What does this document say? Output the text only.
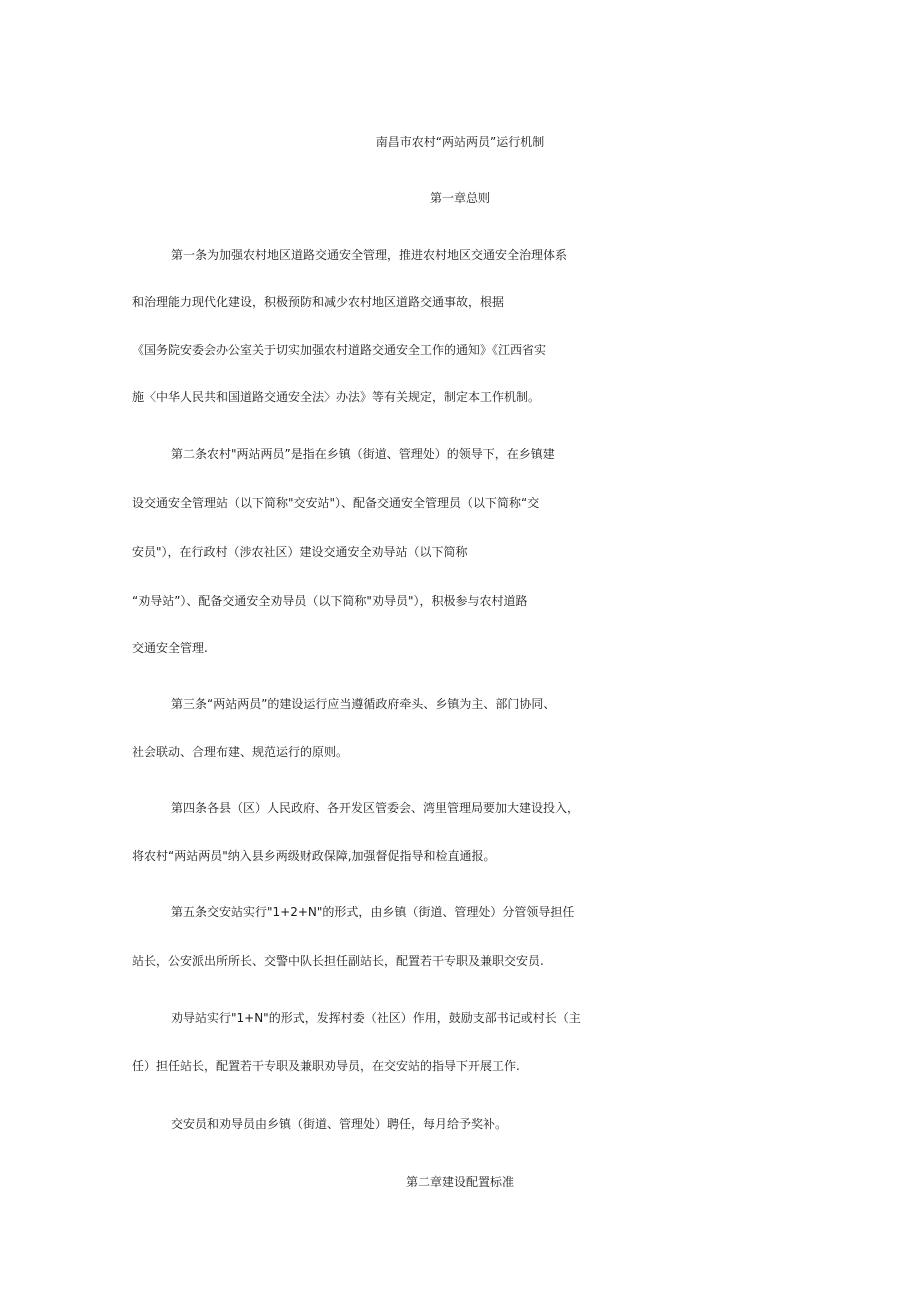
南昌市农村“两站两员”运行机制
第一章总则
第一条为加强农村地区道路交通安全管理，推进农村地区交通安全治理体系
和治理能力现代化建设，积极预防和减少农村地区道路交通事故，根据
《国务院安委会办公室关于切实加强农村道路交通安全工作的通知》《江西省实
施〈中华人民共和国道路交通安全法〉办法》等有关规定，制定本工作机制。
第二条农村"两站两员”是指在乡镇（街道、管理处）的领导下，在乡镇建
设交通安全管理站（以下简称"交安站"）、配备交通安全管理员（以下简称“交
安员"），在行政村（涉农社区）建设交通安全劝导站（以下简称
“劝导站”）、配备交通安全劝导员（以下简称"劝导员"），积极参与农村道路
交通安全管理.
第三条“两站两员”的建设运行应当遵循政府牵头、乡镇为主、部门协同、
社会联动、合理布建、规范运行的原则。
第四条各县（区）人民政府、各开发区管委会、湾里管理局要加大建设投入，
将农村“两站两员"纳入县乡两级财政保障,加强督促指导和检直通报。
第五条交安站实行"1+2+N"的形式，由乡镇（街道、管理处）分管领导担任
站长，公安派出所所长、交警中队长担任副站长，配置若干专职及兼职交安员.
劝导站实行"1+N"的形式，发挥村委（社区）作用，鼓励支部书记或村长（主
任）担任站长，配置若干专职及兼职劝导员，在交安站的指导下开展工作.
交安员和劝导员由乡镇（街道、管理处）聘任，每月给予奖补。
第二章建设配置标准
